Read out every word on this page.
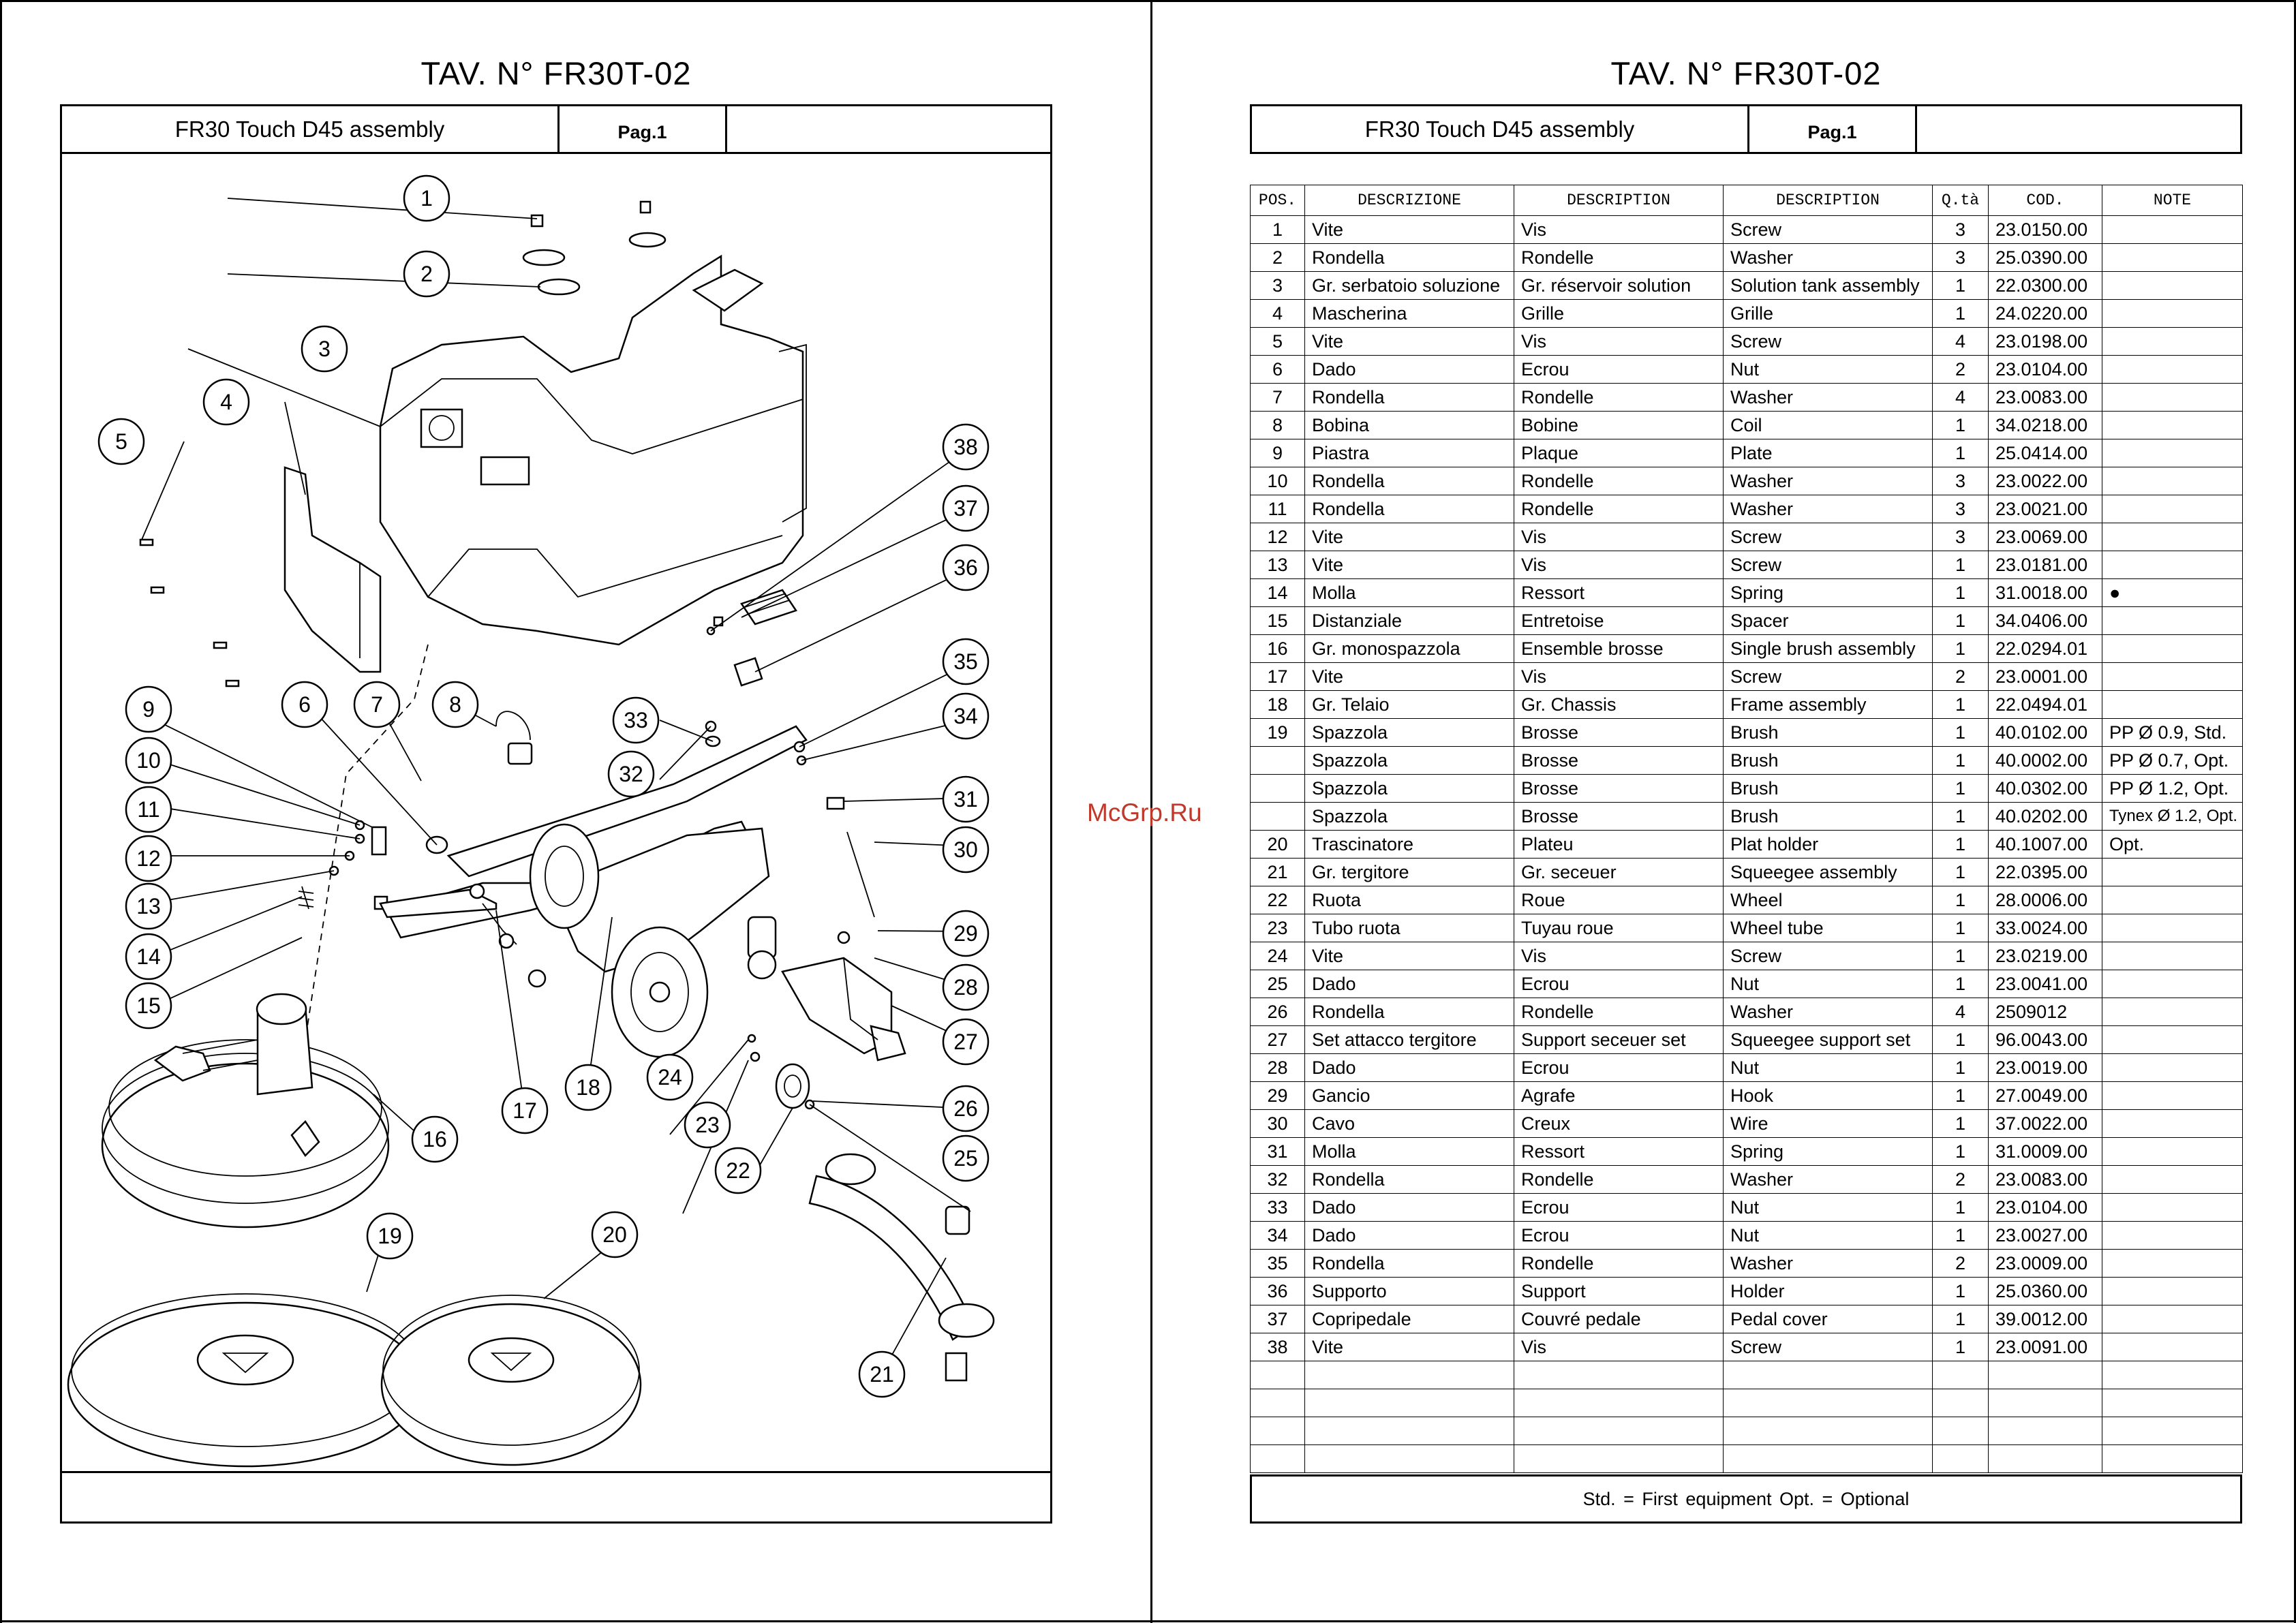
TAV. N° FR30T-02
FR30 Touch D45 assembly	Pag.1
1
2
3
4
5
6	7	8
9
10
11
12
13
14
15
16
17
18
19	20
21
22
23
24
25
26
27
28
29
30
31
32
33	34
35
36
37
38
TAV. N° FR30T-02
FR30 Touch D45 assembly	Pag.1
POS.	DESCRIZIONE	DESCRIPTION	DESCRIPTION	Q.tà	COD.	NOTE
1	Vite	Vis	Screw	3	23.0150.00	
2	Rondella	Rondelle	Washer	3	25.0390.00	
3	Gr. serbatoio soluzione	Gr. réservoir solution	Solution tank assembly	1	22.0300.00	
4	Mascherina	Grille	Grille	1	24.0220.00	
5	Vite	Vis	Screw	4	23.0198.00	
6	Dado	Ecrou	Nut	2	23.0104.00	
7	Rondella	Rondelle	Washer	4	23.0083.00	
8	Bobina	Bobine	Coil	1	34.0218.00	
9	Piastra	Plaque	Plate	1	25.0414.00	
10	Rondella	Rondelle	Washer	3	23.0022.00	
11	Rondella	Rondelle	Washer	3	23.0021.00	
12	Vite	Vis	Screw	3	23.0069.00	
13	Vite	Vis	Screw	1	23.0181.00	
14	Molla	Ressort	Spring	1	31.0018.00	●
15	Distanziale	Entretoise	Spacer	1	34.0406.00	
16	Gr. monospazzola	Ensemble brosse	Single brush assembly	1	22.0294.01	
17	Vite	Vis	Screw	2	23.0001.00	
18	Gr. Telaio	Gr. Chassis	Frame assembly	1	22.0494.01	
19	Spazzola	Brosse	Brush	1	40.0102.00	PP Ø 0.9, Std.
	Spazzola	Brosse	Brush	1	40.0002.00	PP Ø 0.7, Opt.
	Spazzola	Brosse	Brush	1	40.0302.00	PP Ø 1.2, Opt.
	Spazzola	Brosse	Brush	1	40.0202.00	Tynex Ø 1.2, Opt.
20	Trascinatore	Plateu	Plat holder	1	40.1007.00	Opt.
21	Gr. tergitore	Gr. seceuer	Squeegee assembly	1	22.0395.00	
22	Ruota	Roue	Wheel	1	28.0006.00	
23	Tubo ruota	Tuyau roue	Wheel tube	1	33.0024.00	
24	Vite	Vis	Screw	1	23.0219.00	
25	Dado	Ecrou	Nut	1	23.0041.00	
26	Rondella	Rondelle	Washer	4	2509012	
27	Set attacco tergitore	Support seceuer set	Squeegee support set	1	96.0043.00	
28	Dado	Ecrou	Nut	1	23.0019.00	
29	Gancio	Agrafe	Hook	1	27.0049.00	
30	Cavo	Creux	Wire	1	37.0022.00	
31	Molla	Ressort	Spring	1	31.0009.00	
32	Rondella	Rondelle	Washer	2	23.0083.00	
33	Dado	Ecrou	Nut	1	23.0104.00	
34	Dado	Ecrou	Nut	1	23.0027.00	
35	Rondella	Rondelle	Washer	2	23.0009.00	
36	Supporto	Support	Holder	1	25.0360.00	
37	Copripedale	Couvré pedale	Pedal cover	1	39.0012.00	
38	Vite	Vis	Screw	1	23.0091.00	

Std. = First equipment Opt. = Optional
McGrp.Ru
